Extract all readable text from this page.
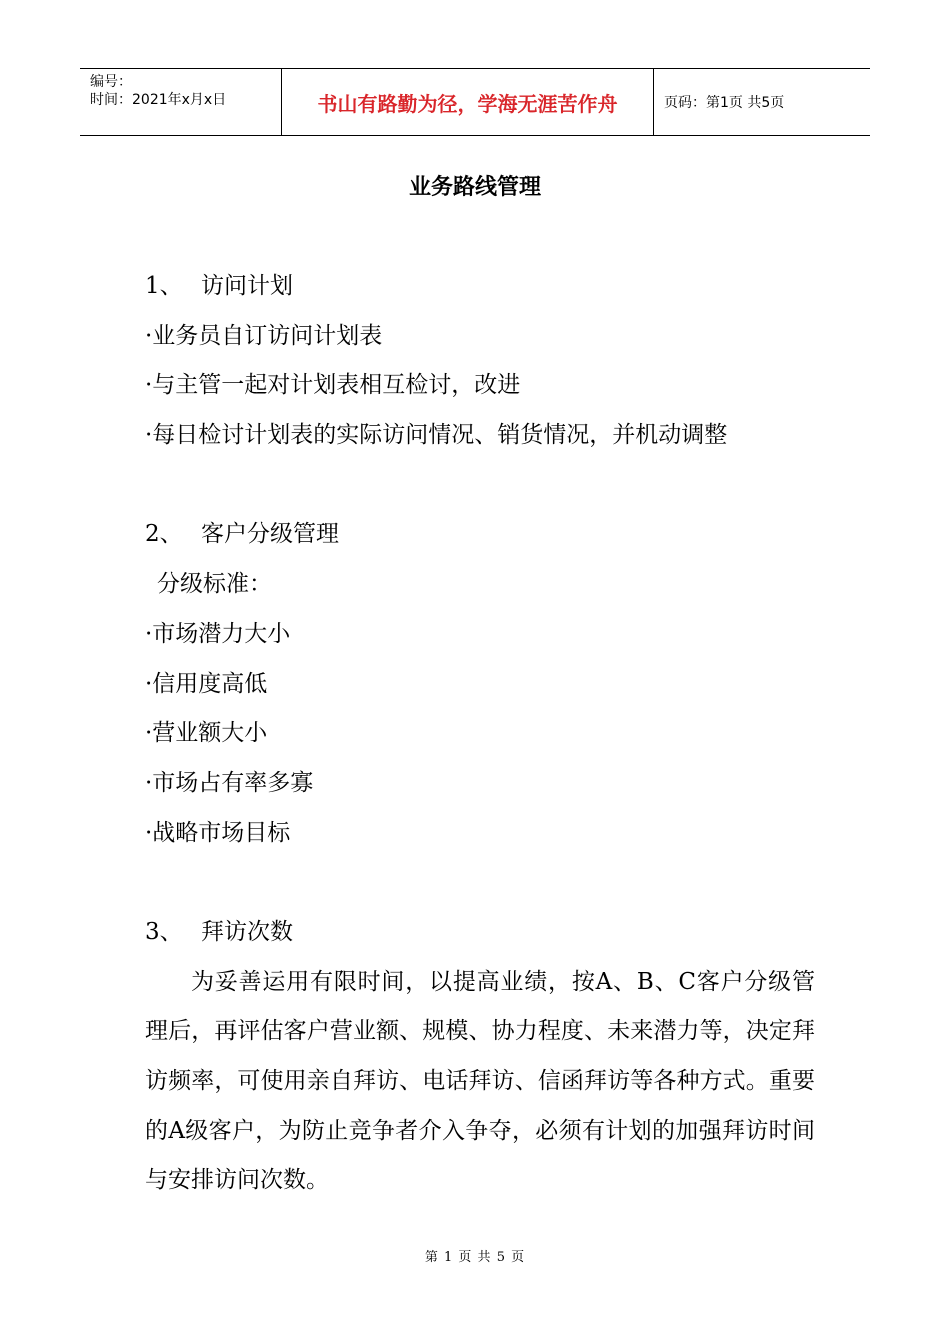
编号：
时间：2021年x月x日	书山有路勤为径，学海无涯苦作舟	页码：第1页 共5页
业务路线管理
1、 访问计划
·业务员自订访问计划表
·与主管一起对计划表相互检讨，改进
·每日检讨计划表的实际访问情况、销货情况，并机动调整
2、 客户分级管理
分级标准：
·市场潜力大小
·信用度高低
·营业额大小
·市场占有率多寡
·战略市场目标
3、 拜访次数
为妥善运用有限时间，以提高业绩，按A、B、C客户分级管理后，再评估客户营业额、规模、协力程度、未来潜力等，决定拜访频率，可使用亲自拜访、电话拜访、信函拜访等各种方式。重要的A级客户，为防止竞争者介入争夺，必须有计划的加强拜访时间与安排访问次数。
第 1 页 共 5 页
